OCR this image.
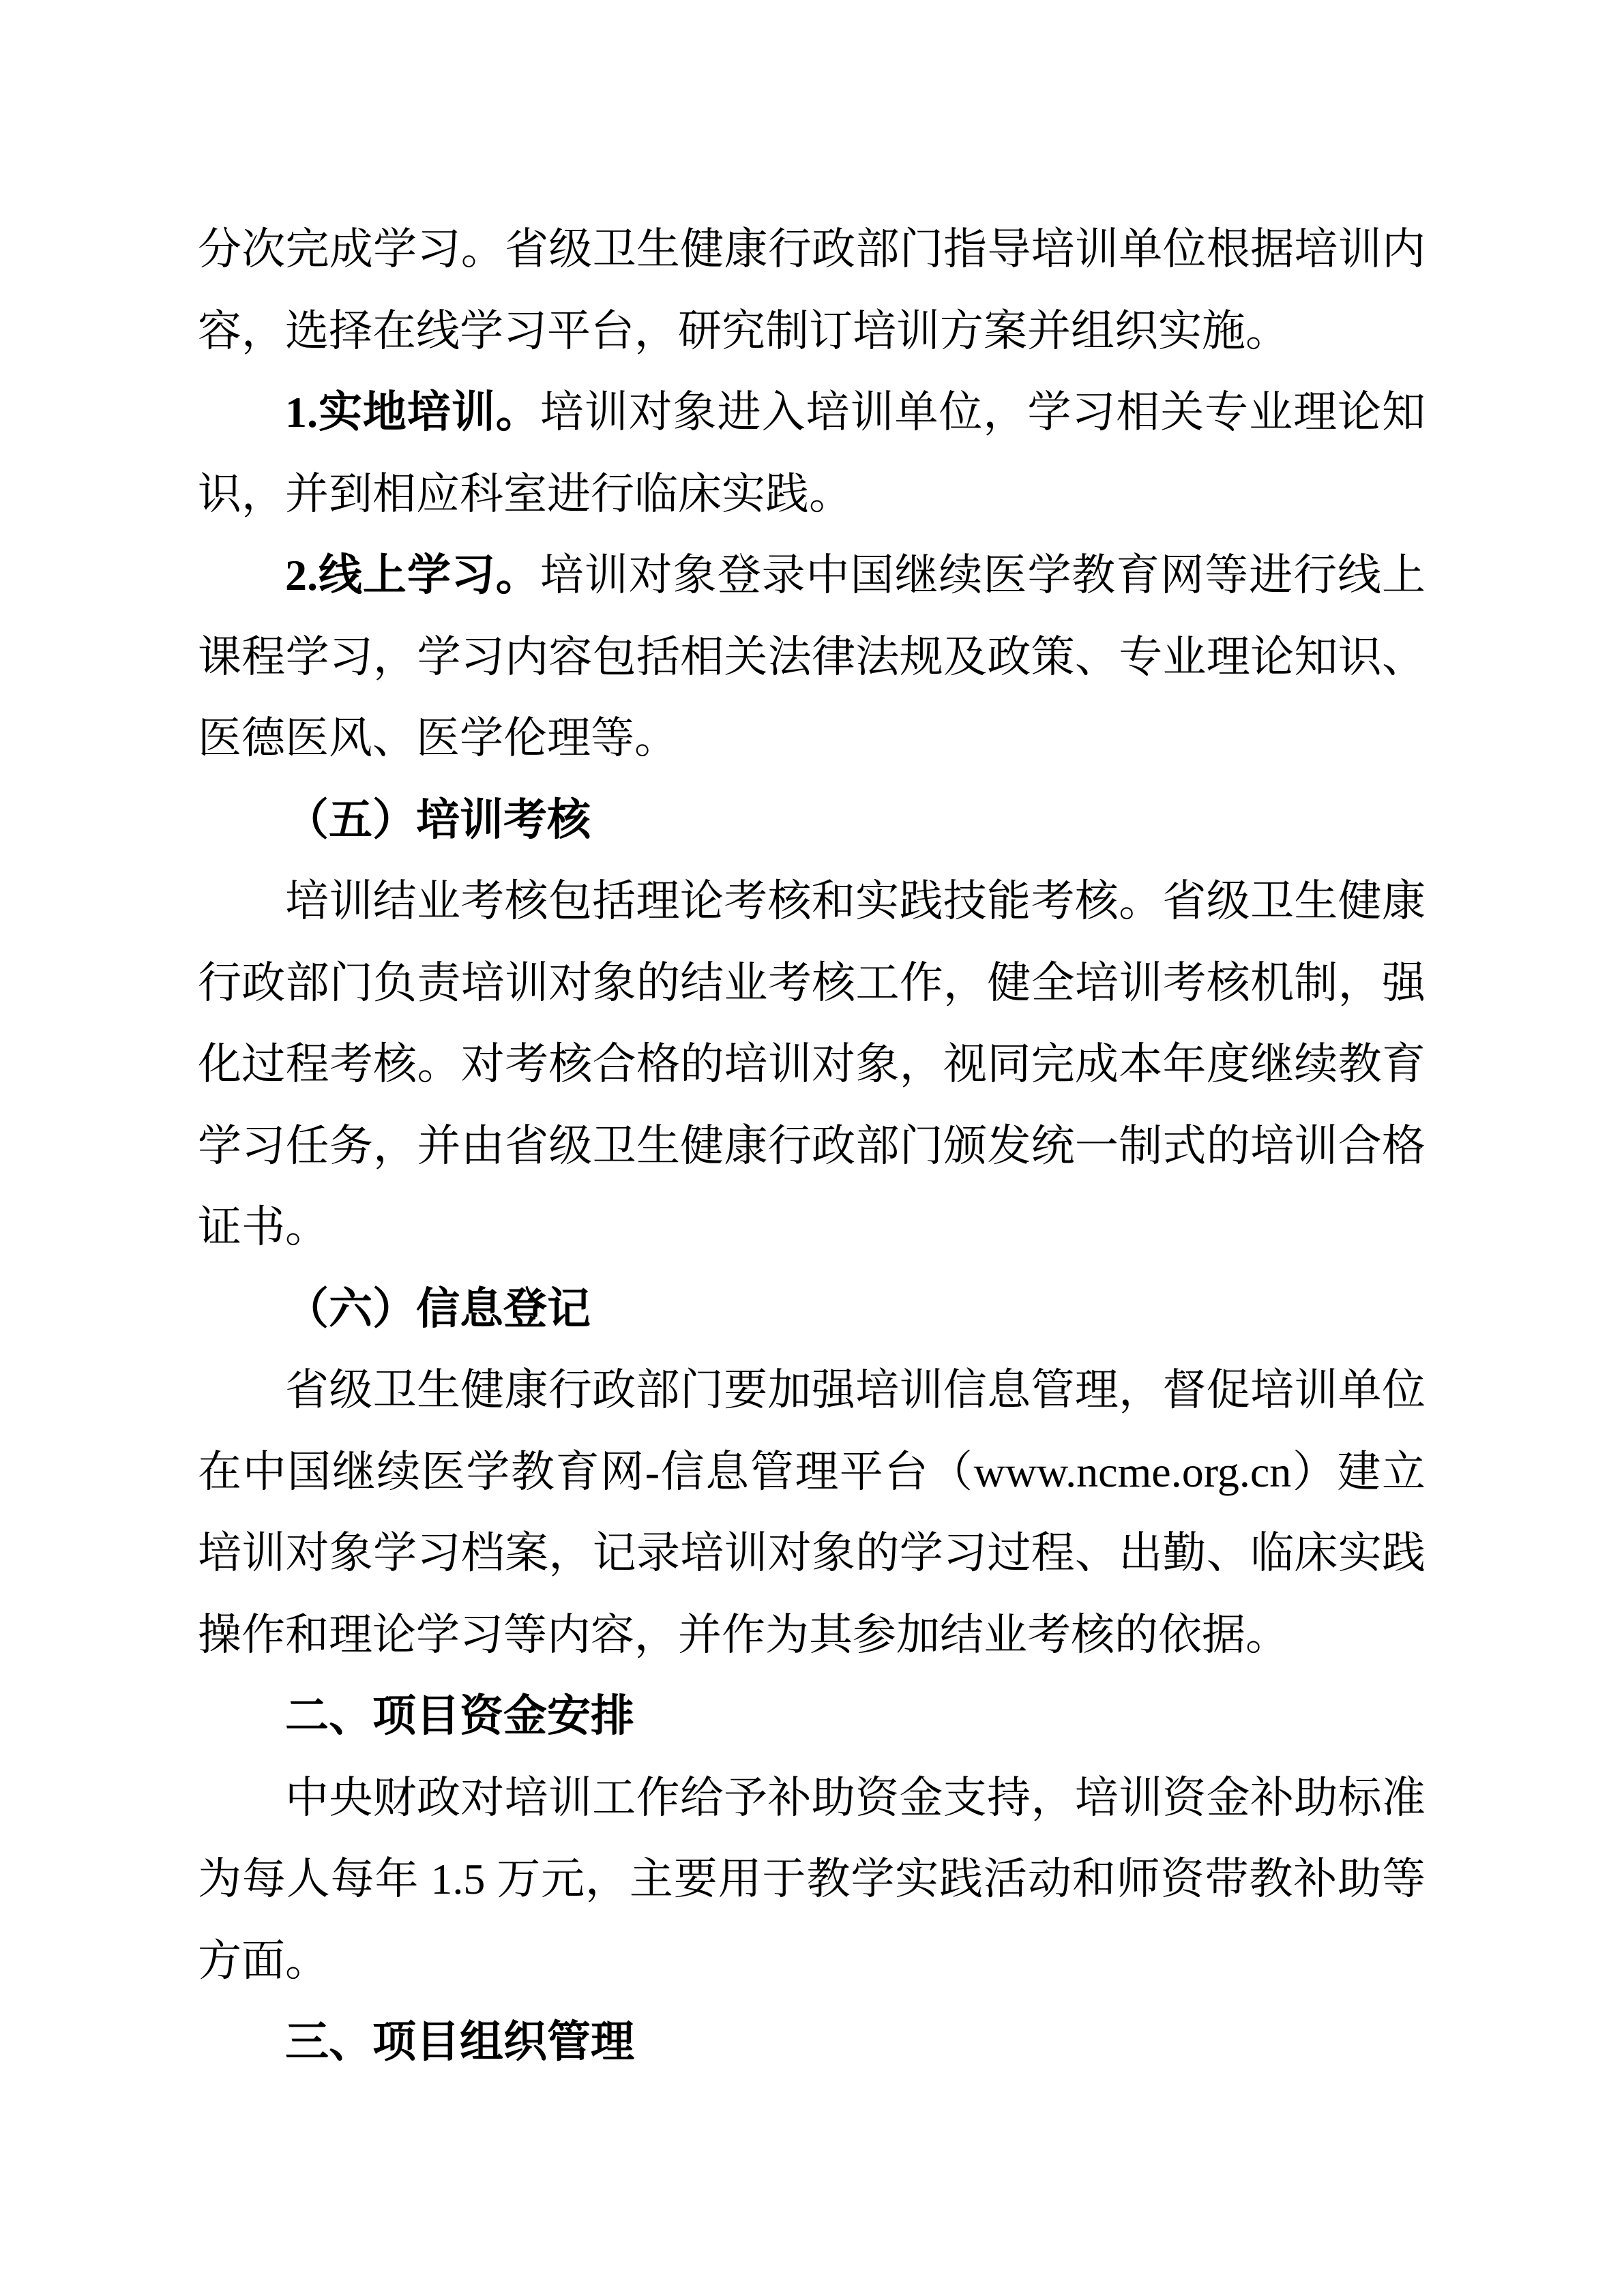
分次完成学习。省级卫生健康行政部门指导培训单位根据培训内
容，选择在线学习平台，研究制订培训方案并组织实施。
1.实地培训。培训对象进入培训单位，学习相关专业理论知
识，并到相应科室进行临床实践。
2.线上学习。培训对象登录中国继续医学教育网等进行线上
课程学习，学习内容包括相关法律法规及政策、专业理论知识、
医德医风、医学伦理等。
（五）培训考核
培训结业考核包括理论考核和实践技能考核。省级卫生健康
行政部门负责培训对象的结业考核工作，健全培训考核机制，强
化过程考核。对考核合格的培训对象，视同完成本年度继续教育
学习任务，并由省级卫生健康行政部门颁发统一制式的培训合格
证书。
（六）信息登记
省级卫生健康行政部门要加强培训信息管理，督促培训单位
在中国继续医学教育网-信息管理平台（www.ncme.org.cn）建立
培训对象学习档案，记录培训对象的学习过程、出勤、临床实践
操作和理论学习等内容，并作为其参加结业考核的依据。
二、项目资金安排
中央财政对培训工作给予补助资金支持，培训资金补助标准
为每人每年 1.5 万元，主要用于教学实践活动和师资带教补助等
方面。
三、项目组织管理
